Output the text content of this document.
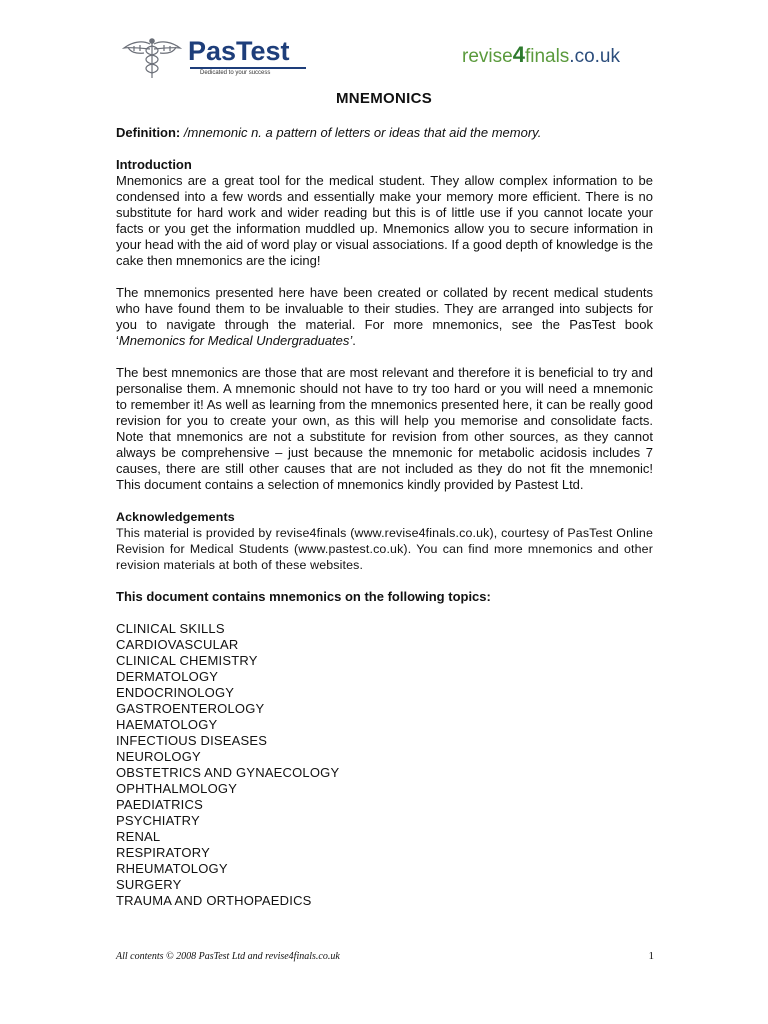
PasTest
Dedicated to your success
revise4finals.co.uk
MNEMONICS

Definition: /mnemonic n. a pattern of letters or ideas that aid the memory.

Introduction
Mnemonics are a great tool for the medical student. They allow complex information to be condensed into a few words and essentially make your memory more efficient. There is no substitute for hard work and wider reading but this is of little use if you cannot locate your facts or you get the information muddled up. Mnemonics allow you to secure information in your head with the aid of word play or visual associations. If a good depth of knowledge is the cake then mnemonics are the icing!

The mnemonics presented here have been created or collated by recent medical students who have found them to be invaluable to their studies. They are arranged into subjects for you to navigate through the material. For more mnemonics, see the PasTest book ‘Mnemonics for Medical Undergraduates’.

The best mnemonics are those that are most relevant and therefore it is beneficial to try and personalise them. A mnemonic should not have to try too hard or you will need a mnemonic to remember it! As well as learning from the mnemonics presented here, it can be really good revision for you to create your own, as this will help you memorise and consolidate facts. Note that mnemonics are not a substitute for revision from other sources, as they cannot always be comprehensive – just because the mnemonic for metabolic acidosis includes 7 causes, there are still other causes that are not included as they do not fit the mnemonic! This document contains a selection of mnemonics kindly provided by Pastest Ltd.

Acknowledgements
This material is provided by revise4finals (www.revise4finals.co.uk), courtesy of PasTest Online Revision for Medical Students (www.pastest.co.uk). You can find more mnemonics and other revision materials at both of these websites.

This document contains mnemonics on the following topics:

CLINICAL SKILLS
CARDIOVASCULAR
CLINICAL CHEMISTRY
DERMATOLOGY
ENDOCRINOLOGY
GASTROENTEROLOGY
HAEMATOLOGY
INFECTIOUS DISEASES
NEUROLOGY
OBSTETRICS AND GYNAECOLOGY
OPHTHALMOLOGY
PAEDIATRICS
PSYCHIATRY
RENAL
RESPIRATORY
RHEUMATOLOGY
SURGERY
TRAUMA AND ORTHOPAEDICS
All contents © 2008 PasTest Ltd and revise4finals.co.uk	1
